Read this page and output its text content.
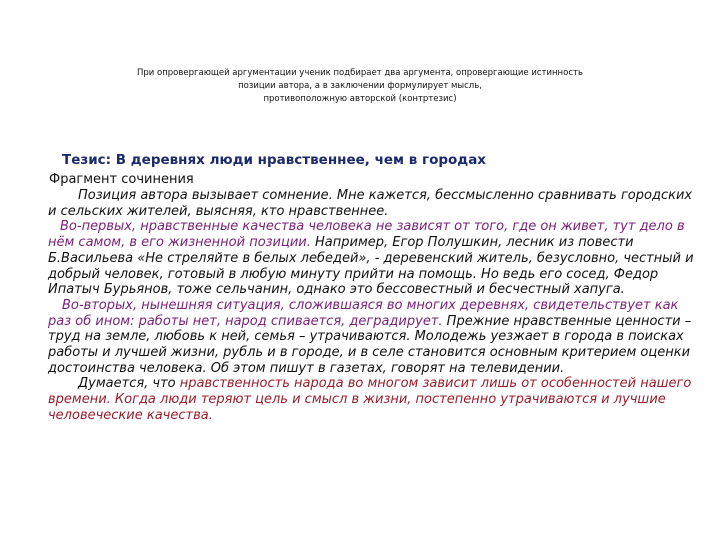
При опровергающей аргументации ученик подбирает два аргумента, опровергающие истинность
позиции автора, а в заключении формулирует мысль,
противоположную авторской (контртезис)
Тезис: В деревнях люди нравственнее, чем в городах
Фрагмент сочинения

Позиция автора вызывает сомнение. Мне кажется, бессмысленно сравнивать городских и сельских жителей, выясняя, кто нравственнее.

Во-первых, нравственные качества человека не зависят от того, где он живет, тут дело в нём самом, в его жизненной позиции. Например, Егор Полушкин, лесник из повести Б.Васильева «Не стреляйте в белых лебедей», - деревенский житель, безусловно, честный и добрый человек, готовый в любую минуту прийти на помощь. Но ведь его сосед, Федор Ипатыч Бурьянов, тоже сельчанин, однако это бессовестный и бесчестный хапуга.

Во-вторых, нынешняя ситуация, сложившаяся во многих деревнях, свидетельствует как раз об ином: работы нет, народ спивается, деградирует. Прежние нравственные ценности – труд на земле, любовь к ней, семья – утрачиваются. Молодежь уезжает в города в поисках работы и лучшей жизни, рубль и в городе, и в селе становится основным критерием оценки достоинства человека. Об этом пишут в газетах, говорят на телевидении.

Думается, что нравственность народа во многом зависит лишь от особенностей нашего времени. Когда люди теряют цель и смысл в жизни, постепенно утрачиваются и лучшие человеческие качества.
